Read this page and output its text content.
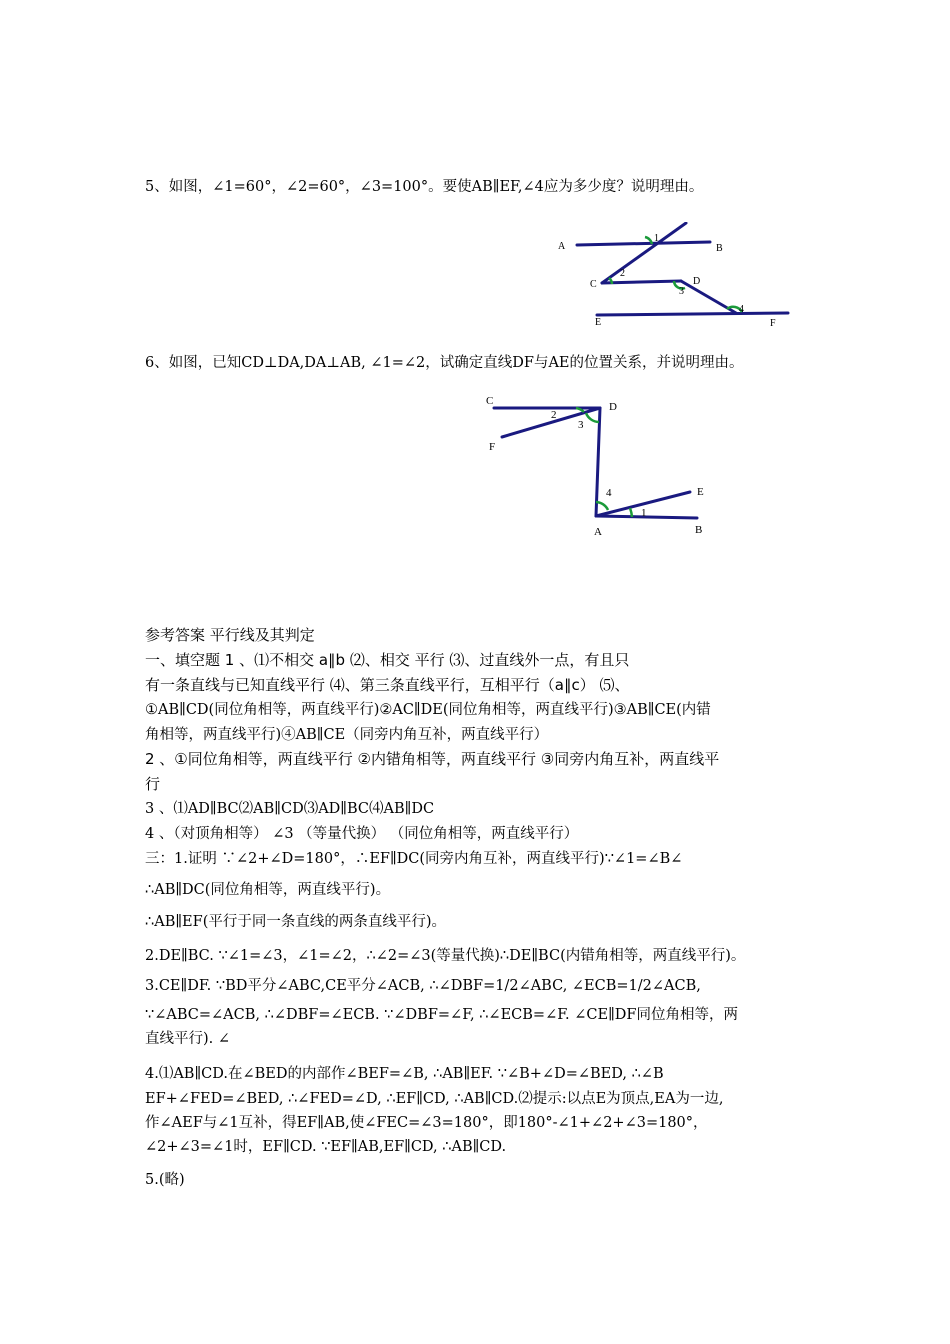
5、如图，∠1=60°，∠2=60°，∠3=100°。要使AB∥EF,∠4应为多少度？说明理由。
A	B
C	D
E	F
1
2
3
4
6、如图，已知CD⊥DA,DA⊥AB, ∠1=∠2，试确定直线DF与AE的位置关系，并说明理由。
C	D
F
E
A	B
2
3
4
1
参考答案 平行线及其判定
一、填空题 1 、⑴不相交 a∥b ⑵、相交 平行 ⑶、过直线外一点，有且只
有一条直线与已知直线平行 ⑷、第三条直线平行，互相平行（a∥c） ⑸、
①AB∥CD(同位角相等，两直线平行)②AC∥DE(同位角相等，两直线平行)③AB∥CE(内错
角相等，两直线平行)④AB∥CE（同旁内角互补，两直线平行）
2 、①同位角相等，两直线平行 ②内错角相等，两直线平行 ③同旁内角互补，两直线平
行
3 、⑴AD∥BC⑵AB∥CD⑶AD∥BC⑷AB∥DC
4 、（对顶角相等） ∠3 （等量代换） （同位角相等，两直线平行）
三：1.证明 ∵∠2+∠D=180°，∴EF∥DC(同旁内角互补，两直线平行)∵∠1=∠B∠
∴AB∥DC(同位角相等，两直线平行)。
∴AB∥EF(平行于同一条直线的两条直线平行)。
2.DE∥BC. ∵∠1=∠3，∠1=∠2，∴∠2=∠3(等量代换)∴DE∥BC(内错角相等，两直线平行)。
3.CE∥DF. ∵BD平分∠ABC,CE平分∠ACB, ∴∠DBF=1/2∠ABC, ∠ECB=1/2∠ACB,
∵∠ABC=∠ACB, ∴∠DBF=∠ECB. ∵∠DBF=∠F, ∴∠ECB=∠F. ∠CE∥DF同位角相等，两
直线平行). ∠
4.⑴AB∥CD.在∠BED的内部作∠BEF=∠B, ∴AB∥EF. ∵∠B+∠D=∠BED, ∴∠B
EF+∠FED=∠BED, ∴∠FED=∠D, ∴EF∥CD, ∴AB∥CD.⑵提示:以点E为顶点,EA为一边,
作∠AEF与∠1互补，得EF∥AB,使∠FEC=∠3=180°，即180°-∠1+∠2+∠3=180°，
∠2+∠3=∠1时，EF∥CD. ∵EF∥AB,EF∥CD, ∴AB∥CD.
5.(略)
